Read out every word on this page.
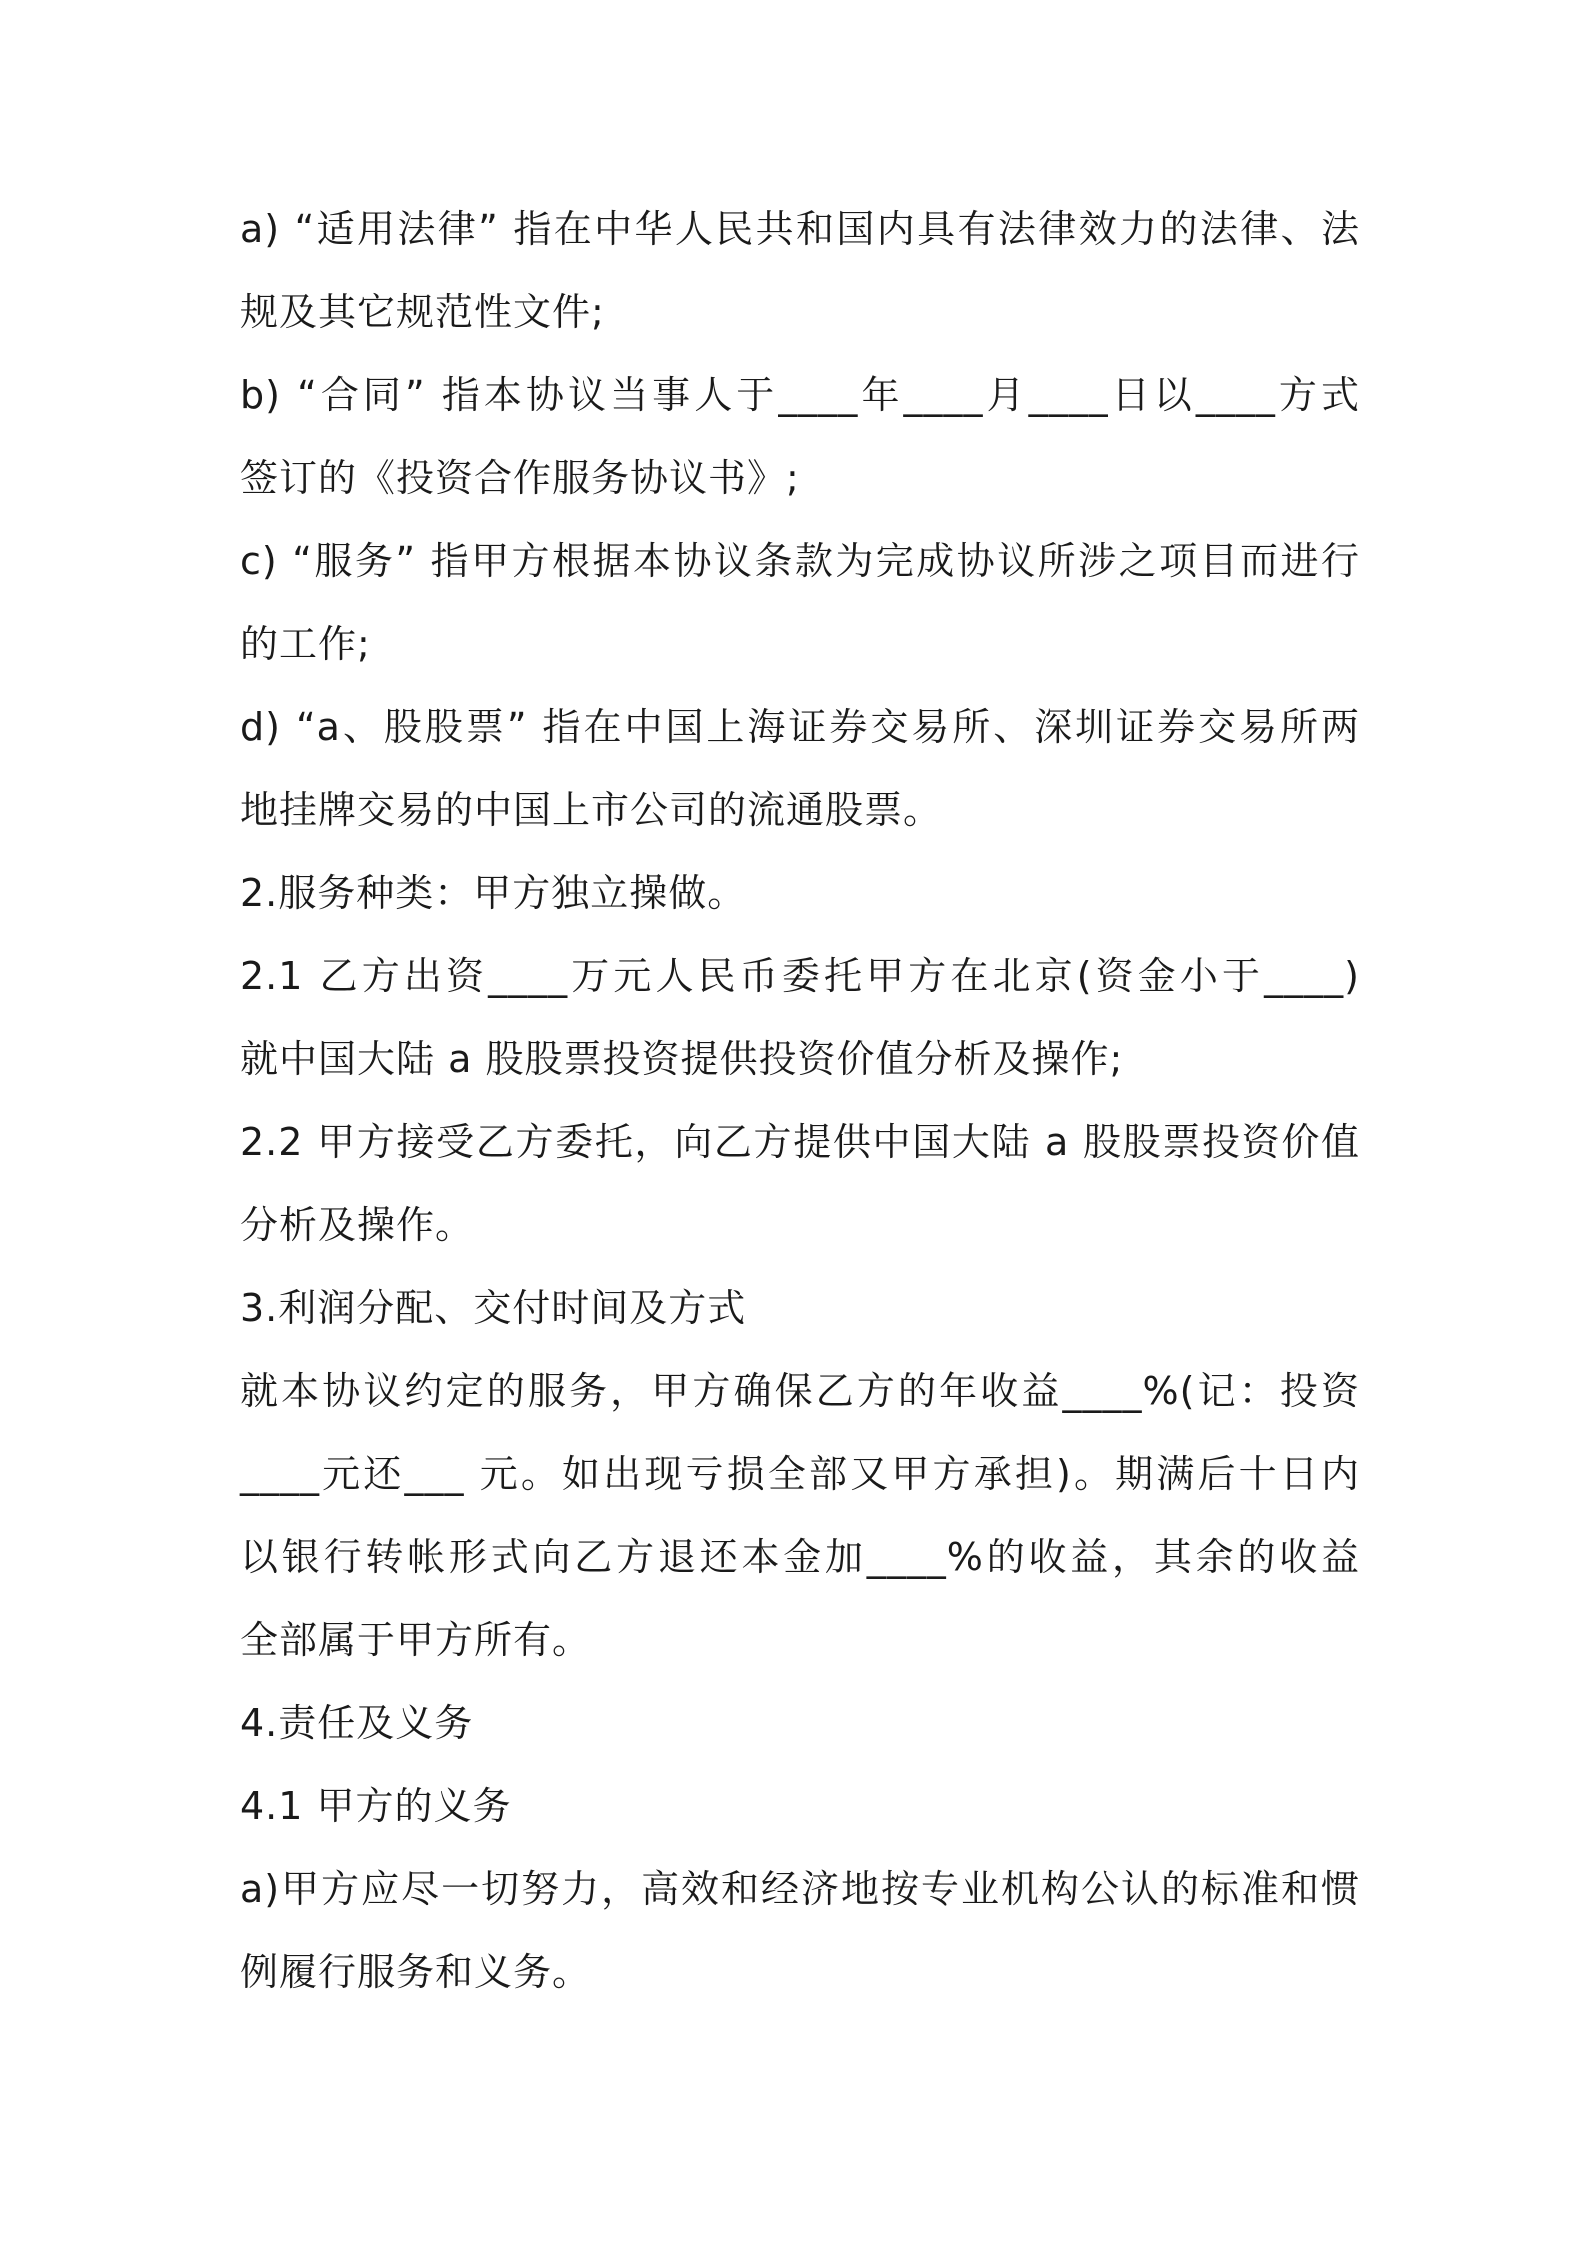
a) “适用法律” 指在中华人民共和国内具有法律效力的法律、法
规及其它规范性文件;
b) “合同” 指本协议当事人于____年____月____日以____方式
签订的《投资合作服务协议书》;
c) “服务” 指甲方根据本协议条款为完成协议所涉之项目而进行
的工作;
d) “a、股股票” 指在中国上海证券交易所、深圳证券交易所两
地挂牌交易的中国上市公司的流通股票。
2.服务种类：甲方独立操做。
2.1 乙方出资____万元人民币委托甲方在北京(资金小于____)
就中国大陆 a 股股票投资提供投资价值分析及操作;
2.2 甲方接受乙方委托，向乙方提供中国大陆 a 股股票投资价值
分析及操作。
3.利润分配、交付时间及方式
就本协议约定的服务，甲方确保乙方的年收益____%(记：投资
____元还___ 元。如出现亏损全部又甲方承担)。期满后十日内
以银行转帐形式向乙方退还本金加____%的收益，其余的收益
全部属于甲方所有。
4.责任及义务
4.1 甲方的义务
a)甲方应尽一切努力，高效和经济地按专业机构公认的标准和惯
例履行服务和义务。
